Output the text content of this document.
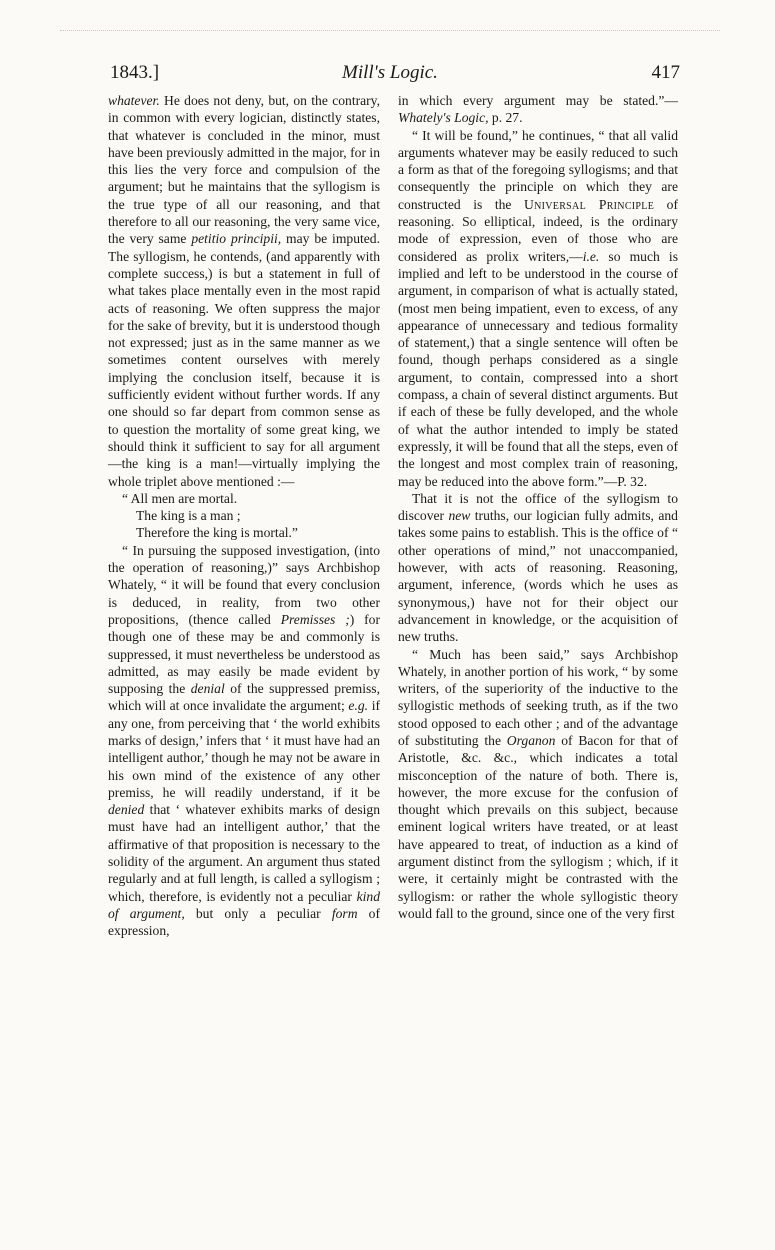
1843.]	Mill's Logic.	417

whatever. He does not deny, but, on the contrary, in common with every logician, distinctly states, that whatever is concluded in the minor, must have been previously admitted in the major, for in this lies the very force and compulsion of the argument; but he maintains that the syllogism is the true type of all our reasoning, and that therefore to all our reasoning, the very same vice, the very same petitio principii, may be imputed. The syllogism, he contends, (and apparently with complete success,) is but a statement in full of what takes place mentally even in the most rapid acts of reasoning. We often suppress the major for the sake of brevity, but it is understood though not expressed; just as in the same manner as we sometimes content ourselves with merely implying the conclusion itself, because it is sufficiently evident without further words. If any one should so far depart from common sense as to question the mortality of some great king, we should think it sufficient to say for all argument—the king is a man!—virtually implying the whole triplet above mentioned :—

“ All men are mortal.
The king is a man ;
Therefore the king is mortal.”

“ In pursuing the supposed investigation, (into the operation of reasoning,)” says Archbishop Whately, “ it will be found that every conclusion is deduced, in reality, from two other propositions, (thence called Premisses ;) for though one of these may be and commonly is suppressed, it must nevertheless be understood as admitted, as may easily be made evident by supposing the denial of the suppressed premiss, which will at once invalidate the argument; e.g. if any one, from perceiving that ‘ the world exhibits marks of design,’ infers that ‘ it must have had an intelligent author,’ though he may not be aware in his own mind of the existence of any other premiss, he will readily understand, if it be denied that ‘ whatever exhibits marks of design must have had an intelligent author,’ that the affirmative of that proposition is necessary to the solidity of the argument. An argument thus stated regularly and at full length, is called a syllogism ; which, therefore, is evidently not a peculiar kind of argument, but only a peculiar form of expression,

in which every argument may be stated.”— Whately's Logic, p. 27.

“ It will be found,” he continues, “ that all valid arguments whatever may be easily reduced to such a form as that of the foregoing syllogisms; and that consequently the principle on which they are constructed is the Universal Principle of reasoning. So elliptical, indeed, is the ordinary mode of expression, even of those who are considered as prolix writers,—i.e. so much is implied and left to be understood in the course of argument, in comparison of what is actually stated, (most men being impatient, even to excess, of any appearance of unnecessary and tedious formality of statement,) that a single sentence will often be found, though perhaps considered as a single argument, to contain, compressed into a short compass, a chain of several distinct arguments. But if each of these be fully developed, and the whole of what the author intended to imply be stated expressly, it will be found that all the steps, even of the longest and most complex train of reasoning, may be reduced into the above form.”—P. 32.

That it is not the office of the syllogism to discover new truths, our logician fully admits, and takes some pains to establish. This is the office of “ other operations of mind,” not unaccompanied, however, with acts of reasoning. Reasoning, argument, inference, (words which he uses as synonymous,) have not for their object our advancement in knowledge, or the acquisition of new truths.

“ Much has been said,” says Archbishop Whately, in another portion of his work, “ by some writers, of the superiority of the inductive to the syllogistic methods of seeking truth, as if the two stood opposed to each other ; and of the advantage of substituting the Organon of Bacon for that of Aristotle, &c. &c., which indicates a total misconception of the nature of both. There is, however, the more excuse for the confusion of thought which prevails on this subject, because eminent logical writers have treated, or at least have appeared to treat, of induction as a kind of argument distinct from the syllogism ; which, if it were, it certainly might be contrasted with the syllogism: or rather the whole syllogistic theory would fall to the ground, since one of the very first
